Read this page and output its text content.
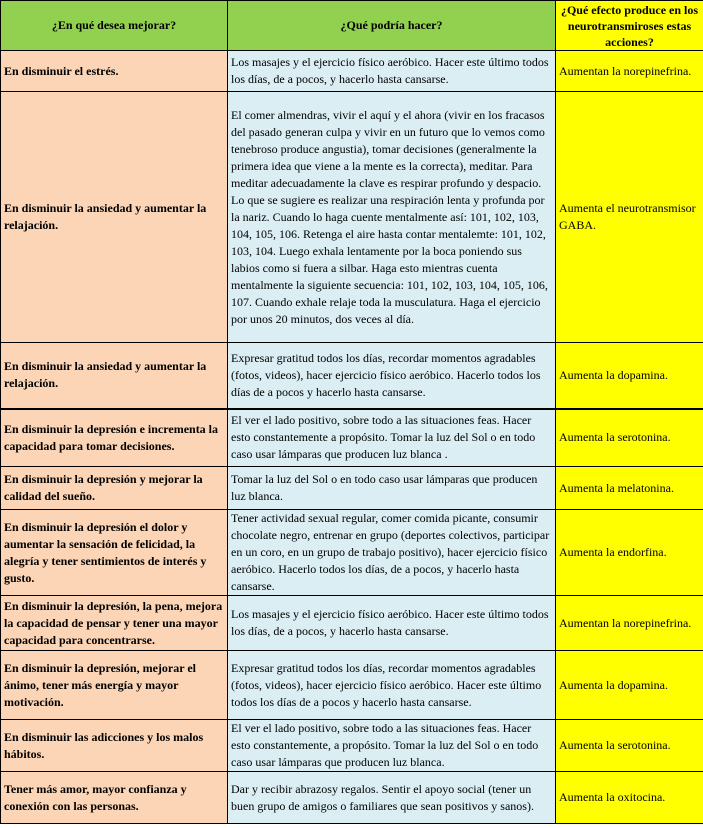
¿En qué desea mejorar?	¿Qué podría hacer?	¿Qué efecto produce en los neurotransmiroses estas acciones?
En disminuir el estrés.	Los masajes y el ejercicio físico aeróbico. Hacer este último todos los días, de a pocos, y hacerlo hasta cansarse.	Aumentan la norepinefrina.
En disminuir la ansiedad y aumentar la relajación.	El comer almendras, vivir el aquí y el ahora (vivir en los fracasos del pasado generan culpa y vivir en un futuro que lo vemos como tenebroso produce angustia), tomar decisiones (generalmente la primera idea que viene a la mente es la correcta), meditar. Para meditar adecuadamente la clave es respirar profundo y despacio. Lo que se sugiere es realizar una respiración lenta y profunda por la nariz. Cuando lo haga cuente mentalmente así: 101, 102, 103, 104, 105, 106. Retenga el aire hasta contar mentalemte: 101, 102, 103, 104. Luego exhala lentamente por la boca poniendo sus labios como si fuera a silbar. Haga esto mientras cuenta mentalmente la siguiente secuencia: 101, 102, 103, 104, 105, 106, 107. Cuando exhale relaje toda la musculatura. Haga el ejercicio por unos 20 minutos, dos veces al día.	Aumenta el neurotransmisor GABA.
En disminuir la ansiedad y aumentar la relajación.	Expresar gratitud todos los días, recordar momentos agradables (fotos, videos), hacer ejercicio físico aeróbico. Hacerlo todos los días de a pocos y hacerlo hasta cansarse.	Aumenta la dopamina.
En disminuir la depresión e incrementa la capacidad para tomar decisiones.	El ver el lado positivo, sobre todo a las situaciones feas. Hacer esto constantemente a propósito. Tomar la luz del Sol o en todo caso usar lámparas que producen luz blanca .	Aumenta la serotonina.
En disminuir la depresión y mejorar la calidad del sueño.	Tomar la luz del Sol o en todo caso usar lámparas que producen luz blanca.	Aumenta la melatonina.
En disminuir la depresión el dolor y aumentar la sensación de felicidad, la alegría y tener sentimientos de interés y gusto.	Tener actividad sexual regular, comer comida picante, consumir chocolate negro, entrenar en grupo (deportes colectivos, participar en un coro, en un grupo de trabajo positivo), hacer ejercicio físico aeróbico. Hacerlo todos los días, de a pocos, y hacerlo hasta cansarse.	Aumenta la endorfina.
En disminuir la depresión, la pena, mejora la capacidad de pensar y tener una mayor capacidad para concentrarse.	Los masajes y el ejercicio físico aeróbico. Hacer este último todos los días, de a pocos, y hacerlo hasta cansarse.	Aumentan la norepinefrina.
En disminuir la depresión, mejorar el ánimo, tener más energía y mayor motivación.	Expresar gratitud todos los días, recordar momentos agradables (fotos, videos), hacer ejercicio físico aeróbico. Hacer este último todos los días de a pocos y hacerlo hasta cansarse.	Aumenta la dopamina.
En disminuir las adicciones y los malos hábitos.	El ver el lado positivo, sobre todo a las situaciones feas. Hacer esto constantemente, a propósito. Tomar la luz del Sol o en todo caso usar lámparas que producen luz blanca.	Aumenta la serotonina.
Tener más amor, mayor confianza y conexión con las personas.	Dar y recibir abrazosy regalos. Sentir el apoyo social (tener un buen grupo de amigos o familiares que sean positivos y sanos).	Aumenta la oxitocina.
